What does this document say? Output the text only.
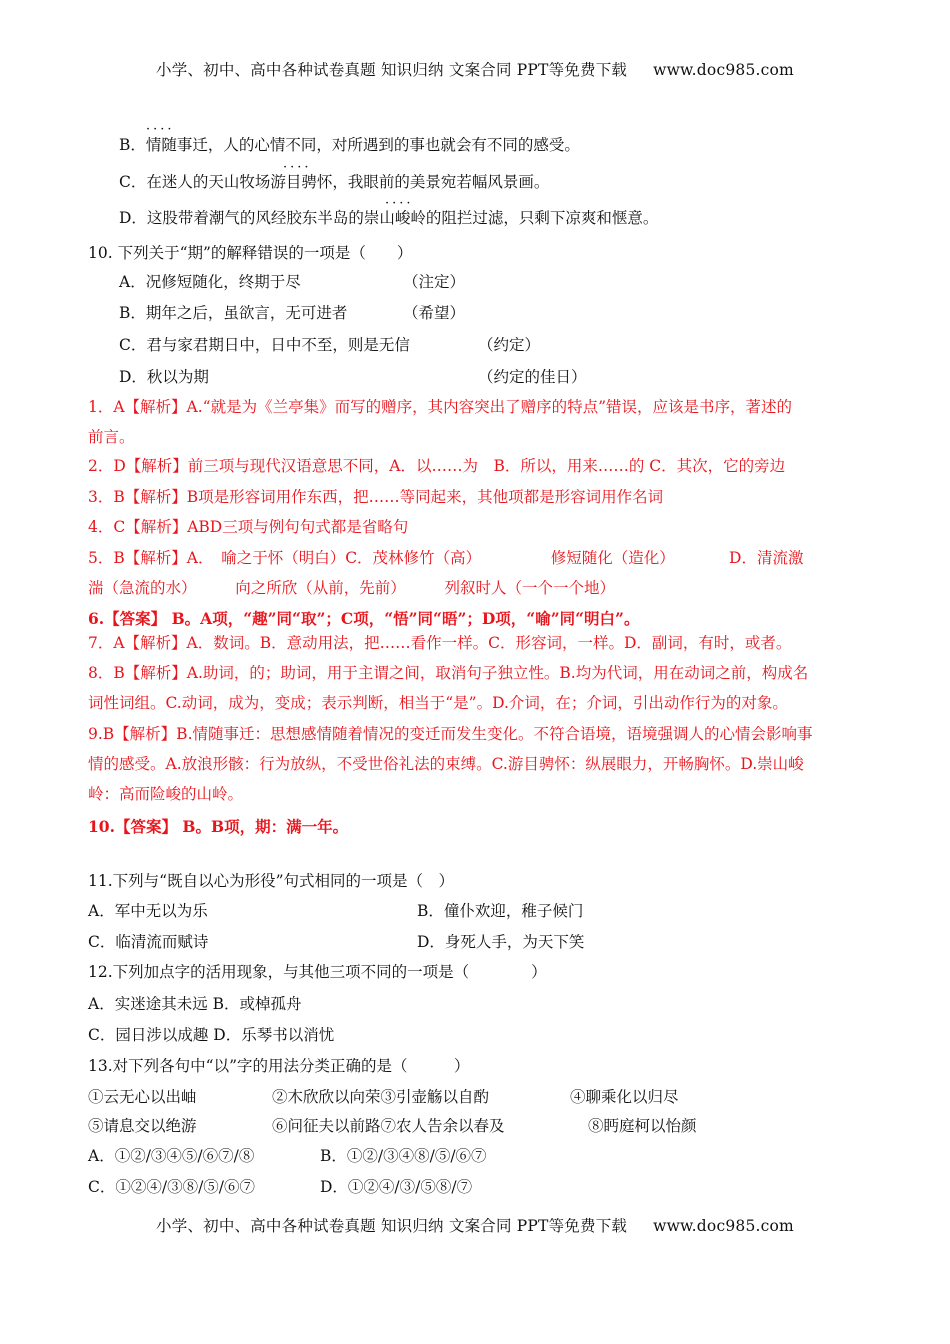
小学、初中、高中各种试卷真题 知识归纳 文案合同 PPT等免费下载 www.doc985.com
····
B．情随事迁，人的心情不同，对所遇到的事也就会有不同的感受。
····
C．在迷人的天山牧场游目骋怀，我眼前的美景宛若幅风景画。
····
D．这股带着潮气的风经胶东半岛的崇山峻岭的阻拦过滤，只剩下凉爽和惬意。
10. 下列关于“期”的解释错误的一项是（　　）
A．况修短随化，终期于尽	（注定）
B．期年之后，虽欲言，无可进者	（希望）
C．君与家君期日中，日中不至，则是无信	（约定）
D．秋以为期	（约定的佳日）
1．A【解析】A.“就是为《兰亭集》而写的赠序，其内容突出了赠序的特点”错误，应该是书序，著述的
前言。
2．D【解析】前三项与现代汉语意思不同，A．以……为　B．所以，用来……的 C．其次，它的旁边
3．B【解析】B项是形容词用作东西，把……等同起来，其他项都是形容词用作名词
4．C【解析】ABD三项与例句句式都是省略句
5．B【解析】A．　喻之于怀（明白）C．茂林修竹（高）　　　　　修短随化（造化）　　　　D．清流激
湍（急流的水）　　　向之所欣（从前，先前）　　　列叙时人（一个一个地）
6.【答案】 B。A项，“趣”同“取”；C项，“悟”同“晤”；D项，“喻”同“明白”。
7．A【解析】A．数词。B．意动用法，把……看作一样。C．形容词，一样。D．副词，有时，或者。
8．B【解析】A.助词，的；助词，用于主谓之间，取消句子独立性。B.均为代词，用在动词之前，构成名
词性词组。C.动词，成为，变成；表示判断，相当于“是”。D.介词，在；介词，引出动作行为的对象。
9.B【解析】B.情随事迁：思想感情随着情况的变迁而发生变化。不符合语境，语境强调人的心情会影响事
情的感受。A.放浪形骸：行为放纵，不受世俗礼法的束缚。C.游目骋怀：纵展眼力，开畅胸怀。D.崇山峻
岭：高而险峻的山岭。
10.【答案】 B。B项，期：满一年。
11.下列与“既自以心为形役”句式相同的一项是（　）
A．军中无以为乐	B．僮仆欢迎，稚子候门
C．临清流而赋诗	D．身死人手，为天下笑
12.下列加点字的活用现象，与其他三项不同的一项是（　　　　）
A．实迷途其未远 B．或棹孤舟
C．园日涉以成趣 D．乐琴书以消忧
13.对下列各句中“以”字的用法分类正确的是（　　　）
①云无心以出岫	②木欣欣以向荣③引壶觞以自酌	④聊乘化以归尽
⑤请息交以绝游	⑥问征夫以前路⑦农人告余以春及	⑧眄庭柯以怡颜
A．①②/③④⑤/⑥⑦/⑧	B．①②/③④⑧/⑤/⑥⑦
C．①②④/③⑧/⑤/⑥⑦	D．①②④/③/⑤⑧/⑦
小学、初中、高中各种试卷真题 知识归纳 文案合同 PPT等免费下载 www.doc985.com
